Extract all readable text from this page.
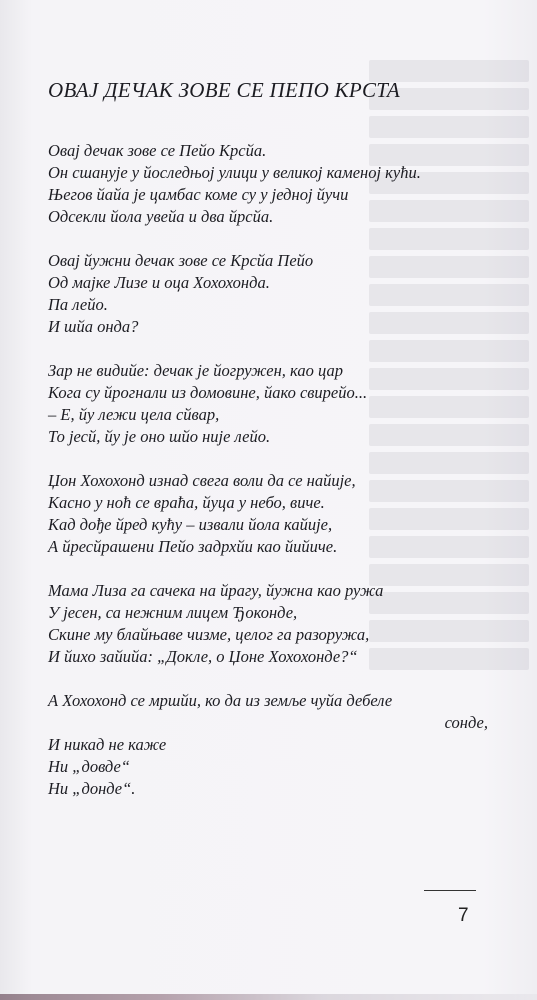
ОВАЈ ДЕЧАК ЗОВЕ СЕ ПЕПО КРСТА
Овај дечак зове се Пейо Крсйа.
Он сшанује у йоследњој улици у великој каменој кући.
Његов йайа је цамбас коме су у једној йучи
Одсекли йола увейа и два йрсйа.
Овај йужни дечак зове се Крсйа Пейо
Од мајке Лизе и оца Хохохонда.
Па лейо.
И шйа онда?
Зар не видийе: дечак је йогружен, као цар
Кога су йрогнали из домовине, йако свирейо...
– Е, йу лежи цела сйвар,
То јесй, йу је оно шйо није лейо.
Џон Хохохонд изнад свега воли да се найије,
Касно у ноћ се враћа, йуца у небо, виче.
Кад дође йред кућу – извали йола кайије,
А йресйрашени Пейо задрхйи као йийиче.
Мама Лиза га сачека на йрагу, йужна као ружа
У јесен, са нежним лицем Ђоконде,
Скине му блайњаве чизме, целог га разоружа,
И йихо зайийа: „Докле, о Џоне Хохохонде?“
А Хохохонд се мршйи, ко да из земље чуйа дебеле
сонде,
И никад не каже
Ни „довде“
Ни „донде“.
7
